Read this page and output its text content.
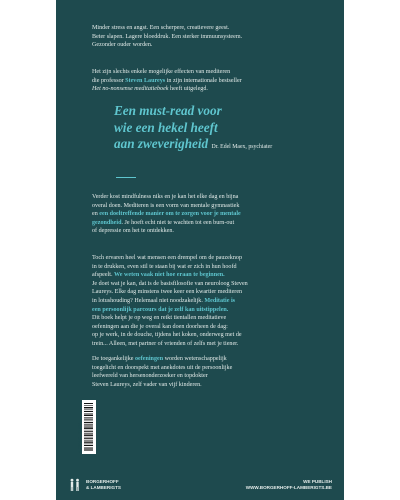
Minder stress en angst. Een scherpere, creatievere geest.

Beter slapen. Lagere bloeddruk. Een sterker immuunsysteem.

Gezonder ouder worden.

Het zijn slechts enkele mogelijke effecten van mediteren

die professor Steven Laureys in zijn internationale bestseller

Het no-nonsense meditatieboek heeft uitgelegd.

Een must-read voor
wie een hekel heeft
aan zweverigheid Dr. Edel Maex, psychiater

Verder kost mindfulness niks en je kan het elke dag en bijna

overal doen. Mediteren is een vorm van mentale gymnastiek

en een doeltreffende manier om te zorgen voor je mentale

gezondheid. Je hoeft echt niet te wachten tot een burn-out

of depressie om het te ontdekken.

Toch ervaren heel wat mensen een drempel om de pauzeknop

in te drukken, even stil te staan bij wat er zich in hun hoofd

afspeelt. We weten vaak niet hoe eraan te beginnen.

Je doet wat je kan, dat is de basisfilosofie van neuroloog Steven

Laureys. Elke dag minstens twee keer een kwartier mediteren

in lotushouding? Helemaal niet noodzakelijk. Meditatie is

een persoonlijk parcours dat je zelf kan uitstippelen.

Dit boek helpt je op weg en reikt tientallen meditatieve

oefeningen aan die je overal kan doen doorheen de dag:

op je werk, in de douche, tijdens het koken, onderweg met de

trein... Alleen, met partner of vrienden of zelfs met je tiener.

De toegankelijke oefeningen worden wetenschappelijk

toegelicht en doorspekt met anekdotes uit de persoonlijke

leefwereld van hersenonderzoeker en topdokter

Steven Laureys, zelf vader van vijf kinderen.

9 789463 932943
BORGERHOFF
& LAMBERIGTS
WE PUBLISH
WWW.BORGERHOFF-LAMBERIGTS.BE
